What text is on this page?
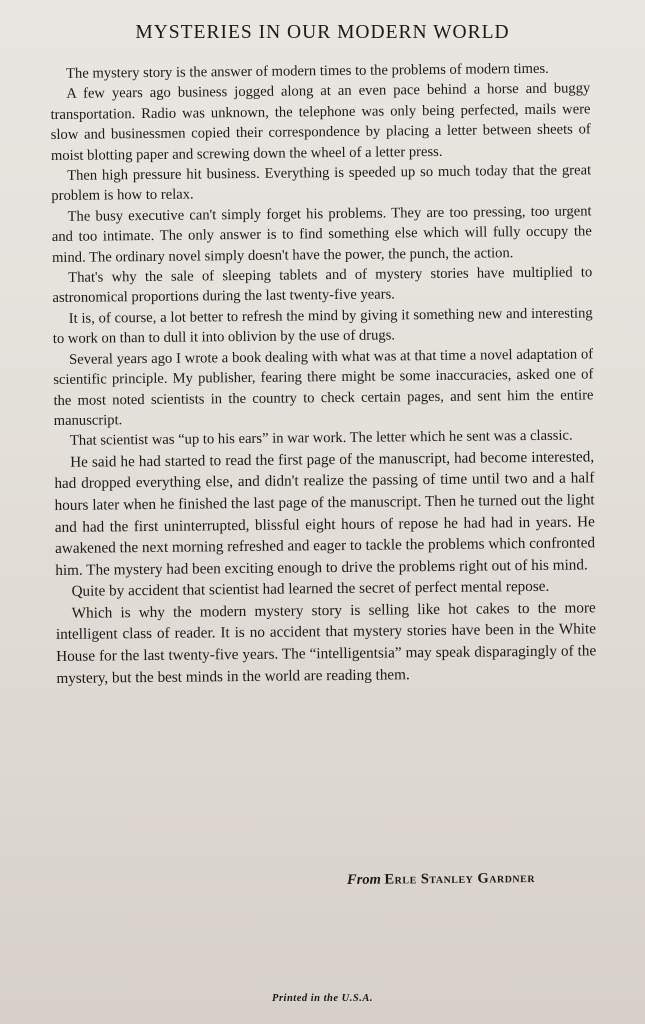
MYSTERIES IN OUR MODERN WORLD

The mystery story is the answer of modern times to the problems of modern times.

A few years ago business jogged along at an even pace behind a horse and buggy transportation. Radio was unknown, the telephone was only being perfected, mails were slow and businessmen copied their correspondence by placing a letter between sheets of moist blotting paper and screwing down the wheel of a letter press.

Then high pressure hit business. Everything is speeded up so much today that the great problem is how to relax.

The busy executive can't simply forget his problems. They are too pressing, too urgent and too intimate. The only answer is to find something else which will fully occupy the mind. The ordinary novel simply doesn't have the power, the punch, the action.

That's why the sale of sleeping tablets and of mystery stories have multiplied to astronomical proportions during the last twenty-five years.

It is, of course, a lot better to refresh the mind by giving it something new and interesting to work on than to dull it into oblivion by the use of drugs.

Several years ago I wrote a book dealing with what was at that time a novel adaptation of scientific principle. My publisher, fearing there might be some inaccuracies, asked one of the most noted scientists in the country to check certain pages, and sent him the entire manuscript.

That scientist was “up to his ears” in war work. The letter which he sent was a classic.

He said he had started to read the first page of the manuscript, had become interested, had dropped everything else, and didn't realize the passing of time until two and a half hours later when he finished the last page of the manuscript. Then he turned out the light and had the first uninterrupted, blissful eight hours of repose he had had in years. He awakened the next morning refreshed and eager to tackle the problems which confronted him. The mystery had been exciting enough to drive the problems right out of his mind.

Quite by accident that scientist had learned the secret of perfect mental repose.

Which is why the modern mystery story is selling like hot cakes to the more intelligent class of reader. It is no accident that mystery stories have been in the White House for the last twenty-five years. The “intelligentsia” may speak disparagingly of the mystery, but the best minds in the world are reading them.

From Erle Stanley Gardner
Printed in the U.S.A.
